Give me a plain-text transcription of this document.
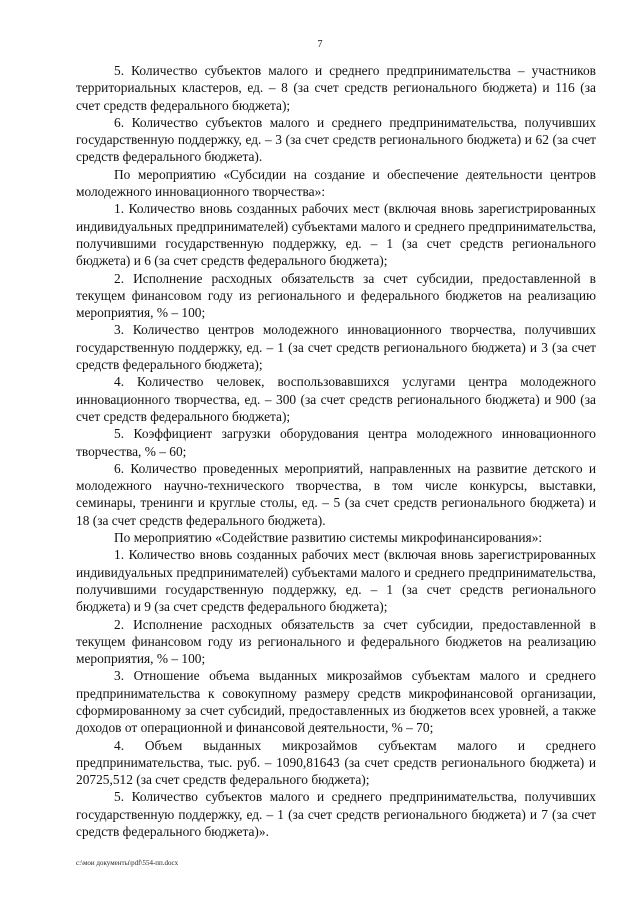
7

5. Количество субъектов малого и среднего предпринимательства – участников территориальных кластеров, ед. – 8 (за счет средств регионального бюджета) и 116 (за счет средств федерального бюджета);

6. Количество субъектов малого и среднего предпринимательства, получивших государственную поддержку, ед. – 3 (за счет средств регионального бюджета) и 62 (за счет средств федерального бюджета).

По мероприятию «Субсидии на создание и обеспечение деятельности центров молодежного инновационного творчества»:

1. Количество вновь созданных рабочих мест (включая вновь зарегистрированных индивидуальных предпринимателей) субъектами малого и среднего предпринимательства, получившими государственную поддержку, ед. – 1 (за счет средств регионального бюджета) и 6 (за счет средств федерального бюджета);

2. Исполнение расходных обязательств за счет субсидии, предоставленной в текущем финансовом году из регионального и федерального бюджетов на реализацию мероприятия, % – 100;

3. Количество центров молодежного инновационного творчества, получивших государственную поддержку, ед. – 1 (за счет средств регионального бюджета) и 3 (за счет средств федерального бюджета);

4. Количество человек, воспользовавшихся услугами центра молодежного инновационного творчества, ед. – 300 (за счет средств регионального бюджета) и 900 (за счет средств федерального бюджета);

5. Коэффициент загрузки оборудования центра молодежного инновационного творчества, % – 60;

6. Количество проведенных мероприятий, направленных на развитие детского и молодежного научно-технического творчества, в том числе конкурсы, выставки, семинары, тренинги и круглые столы, ед. – 5 (за счет средств регионального бюджета) и 18 (за счет средств федерального бюджета).

По мероприятию «Содействие развитию системы микрофинансирования»:

1. Количество вновь созданных рабочих мест (включая вновь зарегистрированных индивидуальных предпринимателей) субъектами малого и среднего предпринимательства, получившими государственную поддержку, ед. – 1 (за счет средств регионального бюджета) и 9 (за счет средств федерального бюджета);

2. Исполнение расходных обязательств за счет субсидии, предоставленной в текущем финансовом году из регионального и федерального бюджетов на реализацию мероприятия, % – 100;

3. Отношение объема выданных микрозаймов субъектам малого и среднего предпринимательства к совокупному размеру средств микрофинансовой организации, сформированному за счет субсидий, предоставленных из бюджетов всех уровней, а также доходов от операционной и финансовой деятельности, % – 70;

4. Объем выданных микрозаймов субъектам малого и среднего предпринимательства, тыс. руб. – 1090,81643 (за счет средств регионального бюджета) и 20725,512 (за счет средств федерального бюджета);

5. Количество субъектов малого и среднего предпринимательства, получивших государственную поддержку, ед. – 1 (за счет средств регионального бюджета) и 7 (за счет средств федерального бюджета)».

c:\мои документы\pdf\554-пп.docx
